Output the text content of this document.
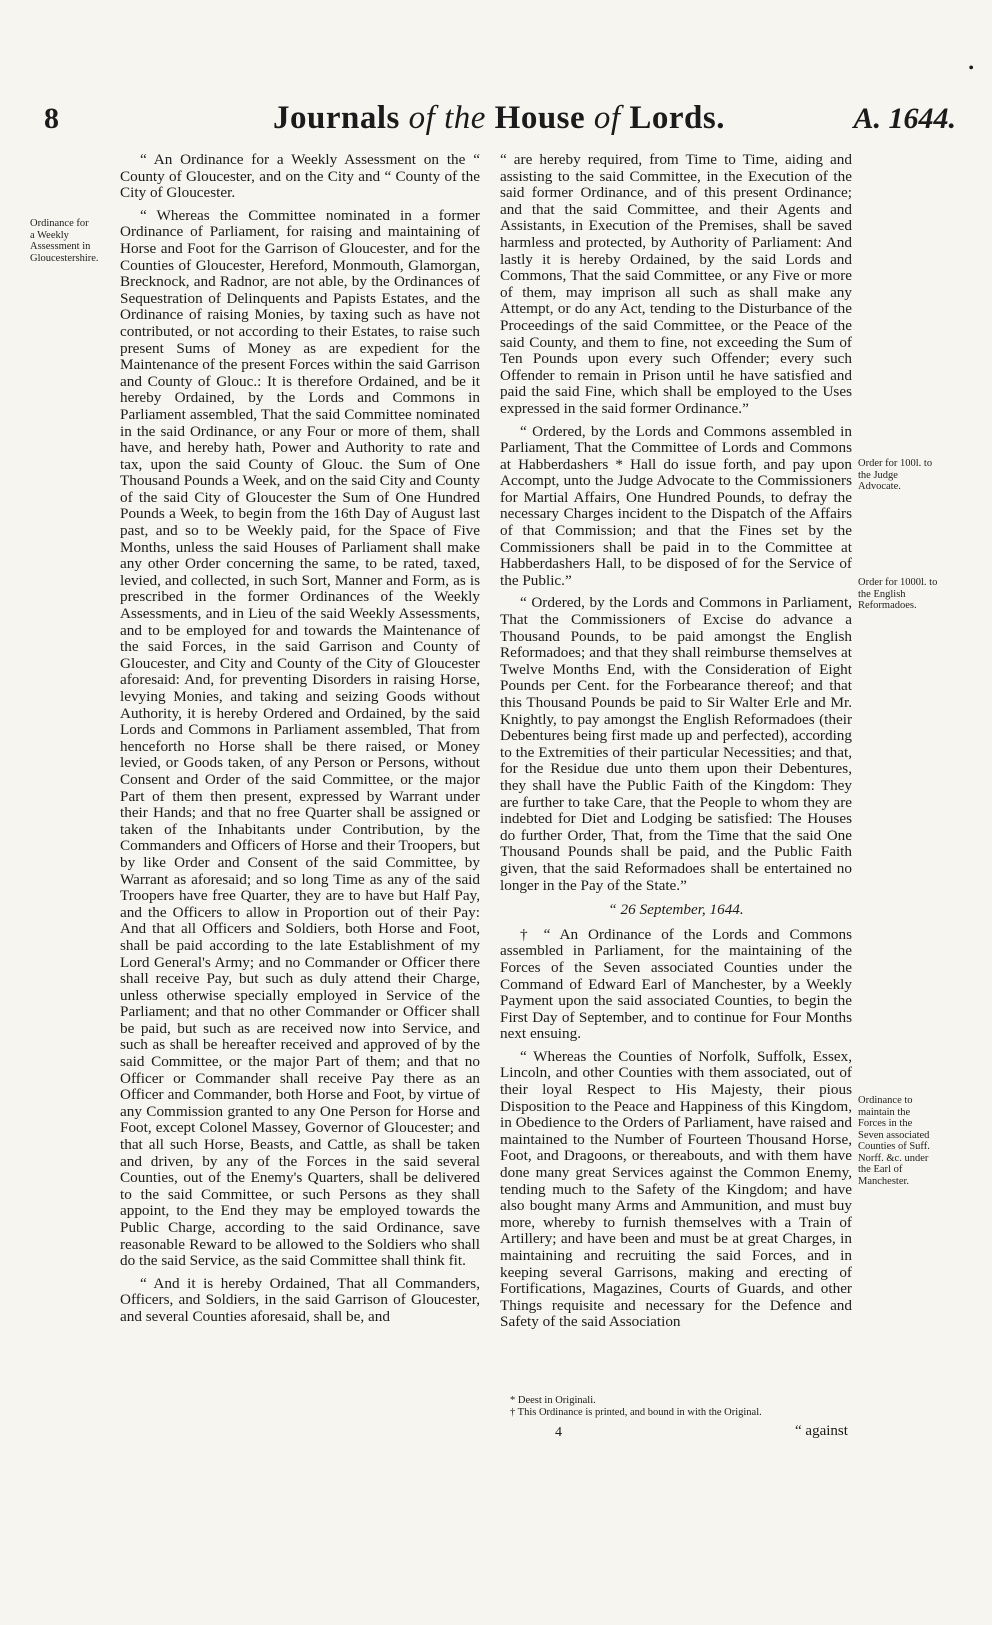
•
8	Journals of the House of Lords.	A. 1644.
Ordinance for a Weekly Assessment in Gloucestershire.

“ An Ordinance for a Weekly Assessment on the “ County of Gloucester, and on the City and “ County of the City of Gloucester.

“ Whereas the Committee nominated in a former Ordinance of Parliament, for raising and maintaining of Horse and Foot for the Garrison of Gloucester, and for the Counties of Gloucester, Hereford, Monmouth, Glamorgan, Brecknock, and Radnor, are not able, by the Ordinances of Sequestration of Delinquents and Papists Estates, and the Ordinance of raising Monies, by taxing such as have not contributed, or not according to their Estates, to raise such present Sums of Money as are expedient for the Maintenance of the present Forces within the said Garrison and County of Glouc.: It is therefore Ordained, and be it hereby Ordained, by the Lords and Commons in Parliament assembled, That the said Committee nominated in the said Ordinance, or any Four or more of them, shall have, and hereby hath, Power and Authority to rate and tax, upon the said County of Glouc. the Sum of One Thousand Pounds a Week, and on the said City and County of the said City of Gloucester the Sum of One Hundred Pounds a Week, to begin from the 16th Day of August last past, and so to be Weekly paid, for the Space of Five Months, unless the said Houses of Parliament shall make any other Order concerning the same, to be rated, taxed, levied, and collected, in such Sort, Manner and Form, as is prescribed in the former Ordinances of the Weekly Assessments, and in Lieu of the said Weekly Assessments, and to be employed for and towards the Maintenance of the said Forces, in the said Garrison and County of Gloucester, and City and County of the City of Gloucester aforesaid: And, for preventing Disorders in raising Horse, levying Monies, and taking and seizing Goods without Authority, it is hereby Ordered and Ordained, by the said Lords and Commons in Parliament assembled, That from henceforth no Horse shall be there raised, or Money levied, or Goods taken, of any Person or Persons, without Consent and Order of the said Committee, or the major Part of them then present, expressed by Warrant under their Hands; and that no free Quarter shall be assigned or taken of the Inhabitants under Contribution, by the Commanders and Officers of Horse and their Troopers, but by like Order and Consent of the said Committee, by Warrant as aforesaid; and so long Time as any of the said Troopers have free Quarter, they are to have but Half Pay, and the Officers to allow in Proportion out of their Pay: And that all Officers and Soldiers, both Horse and Foot, shall be paid according to the late Establishment of my Lord General's Army; and no Commander or Officer there shall receive Pay, but such as duly attend their Charge, unless otherwise specially employed in Service of the Parliament; and that no other Commander or Officer shall be paid, but such as are received now into Service, and such as shall be hereafter received and approved of by the said Committee, or the major Part of them; and that no Officer or Commander shall receive Pay there as an Officer and Commander, both Horse and Foot, by virtue of any Commission granted to any One Person for Horse and Foot, except Colonel Massey, Governor of Gloucester; and that all such Horse, Beasts, and Cattle, as shall be taken and driven, by any of the Forces in the said several Counties, out of the Enemy's Quarters, shall be delivered to the said Committee, or such Persons as they shall appoint, to the End they may be employed towards the Public Charge, according to the said Ordinance, save reasonable Reward to be allowed to the Soldiers who shall do the said Service, as the said Committee shall think fit.

“ And it is hereby Ordained, That all Commanders, Officers, and Soldiers, in the said Garrison of Gloucester, and several Counties aforesaid, shall be, and

“ are hereby required, from Time to Time, aiding and assisting to the said Committee, in the Execution of the said former Ordinance, and of this present Ordinance; and that the said Committee, and their Agents and Assistants, in Execution of the Premises, shall be saved harmless and protected, by Authority of Parliament: And lastly it is hereby Ordained, by the said Lords and Commons, That the said Committee, or any Five or more of them, may imprison all such as shall make any Attempt, or do any Act, tending to the Disturbance of the Proceedings of the said Committee, or the Peace of the said County, and them to fine, not exceeding the Sum of Ten Pounds upon every such Offender; every such Offender to remain in Prison until he have satisfied and paid the said Fine, which shall be employed to the Uses expressed in the said former Ordinance.”

“ Ordered, by the Lords and Commons assembled in Parliament, That the Committee of Lords and Commons at Habberdashers * Hall do issue forth, and pay upon Accompt, unto the Judge Advocate to the Commissioners for Martial Affairs, One Hundred Pounds, to defray the necessary Charges incident to the Dispatch of the Affairs of that Commission; and that the Fines set by the Commissioners shall be paid in to the Committee at Habberdashers Hall, to be disposed of for the Service of the Public.”

“ Ordered, by the Lords and Commons in Parliament, That the Commissioners of Excise do advance a Thousand Pounds, to be paid amongst the English Reformadoes; and that they shall reimburse themselves at Twelve Months End, with the Consideration of Eight Pounds per Cent. for the Forbearance thereof; and that this Thousand Pounds be paid to Sir Walter Erle and Mr. Knightly, to pay amongst the English Reformadoes (their Debentures being first made up and perfected), according to the Extremities of their particular Necessities; and that, for the Residue due unto them upon their Debentures, they shall have the Public Faith of the Kingdom: They are further to take Care, that the People to whom they are indebted for Diet and Lodging be satisfied: The Houses do further Order, That, from the Time that the said One Thousand Pounds shall be paid, and the Public Faith given, that the said Reformadoes shall be entertained no longer in the Pay of the State.”

“ 26 September, 1644.

† “ An Ordinance of the Lords and Commons assembled in Parliament, for the maintaining of the Forces of the Seven associated Counties under the Command of Edward Earl of Manchester, by a Weekly Payment upon the said associated Counties, to begin the First Day of September, and to continue for Four Months next ensuing.

“ Whereas the Counties of Norfolk, Suffolk, Essex, Lincoln, and other Counties with them associated, out of their loyal Respect to His Majesty, their pious Disposition to the Peace and Happiness of this Kingdom, in Obedience to the Orders of Parliament, have raised and maintained to the Number of Fourteen Thousand Horse, Foot, and Dragoons, or thereabouts, and with them have done many great Services against the Common Enemy, tending much to the Safety of the Kingdom; and have also bought many Arms and Ammunition, and must buy more, whereby to furnish themselves with a Train of Artillery; and have been and must be at great Charges, in maintaining and recruiting the said Forces, and in keeping several Garrisons, making and erecting of Fortifications, Magazines, Courts of Guards, and other Things requisite and necessary for the Defence and Safety of the said Association

Order for 100l. to the Judge Advocate.
Order for 1000l. to the English Reformadoes.
Ordinance to maintain the Forces in the Seven associated Counties of Suff. Norff. &c. under the Earl of Manchester.
* Deest in Originali.
† This Ordinance is printed, and bound in with the Original.
4	“ against
